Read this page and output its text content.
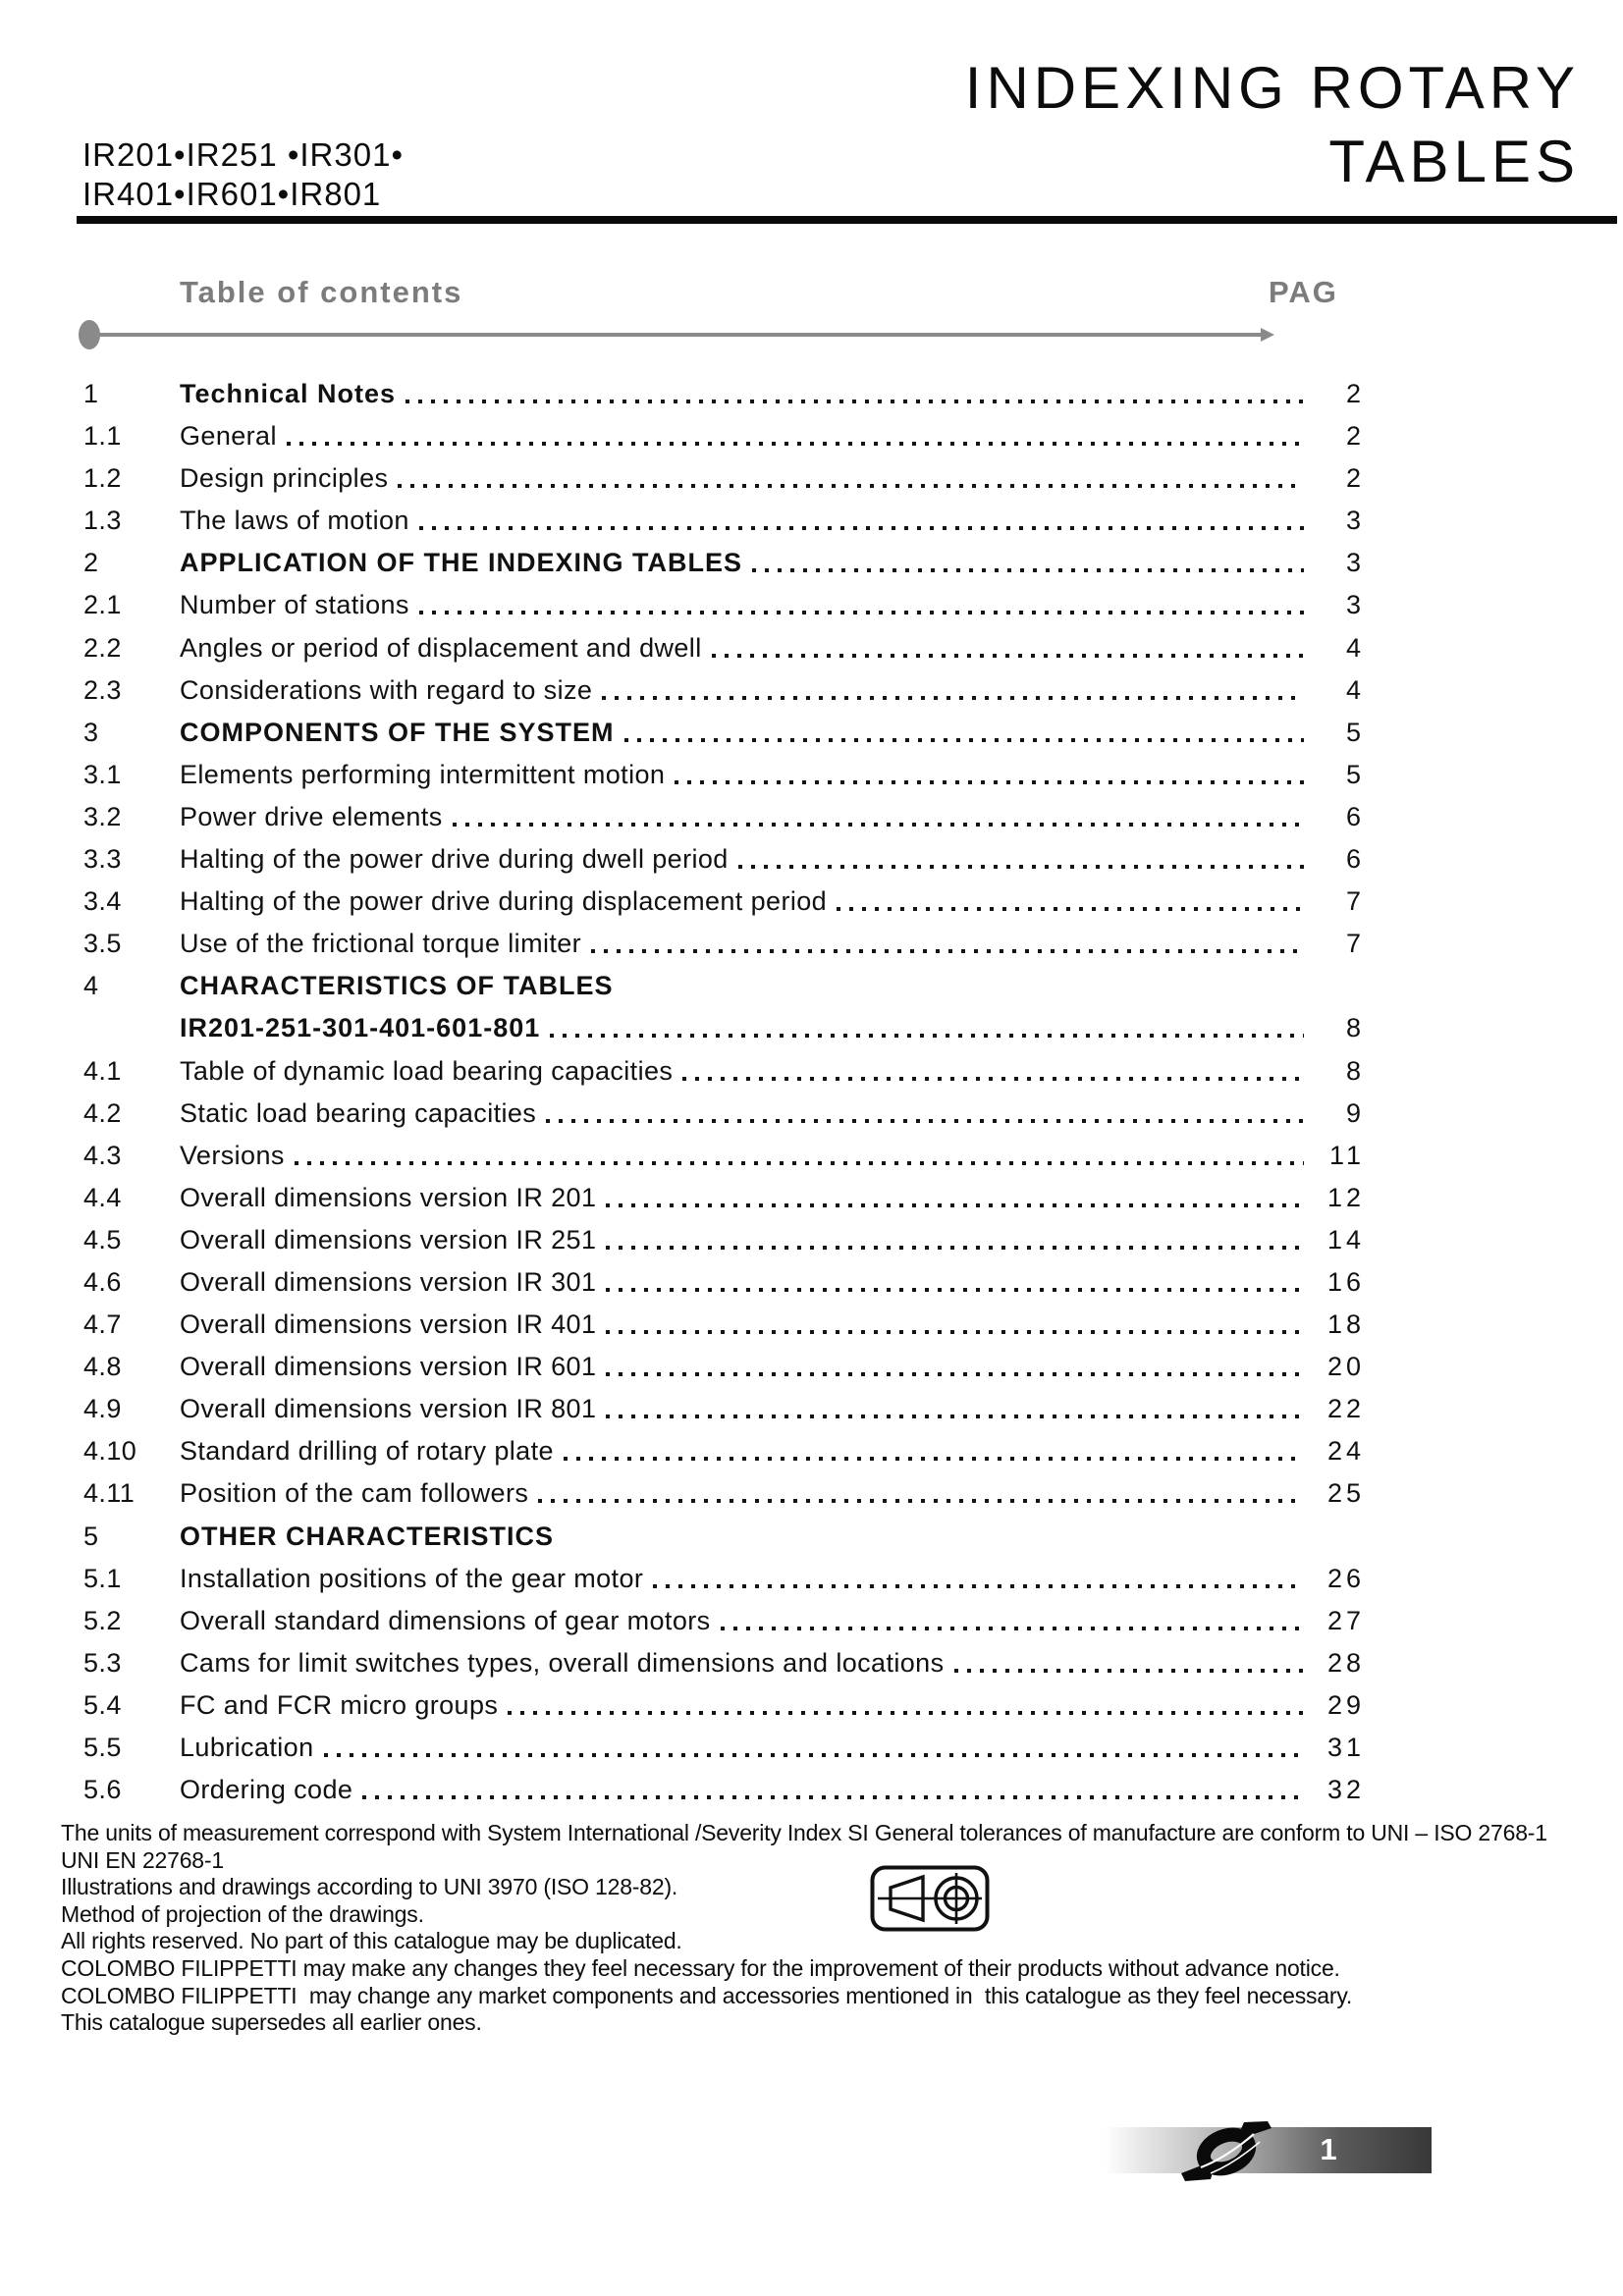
IR201•IR251 •IR301•
IR401•IR601•IR801
INDEXING ROTARY
TABLES
Table of contents	PAG
1	Technical Notes	2
1.1	General	2
1.2	Design principles	2
1.3	The laws of motion	3
2	APPLICATION OF THE INDEXING TABLES	3
2.1	Number of stations	3
2.2	Angles or period of displacement and dwell	4
2.3	Considerations with regard to size	4
3	COMPONENTS OF THE SYSTEM	5
3.1	Elements performing intermittent motion	5
3.2	Power drive elements	6
3.3	Halting of the power drive during dwell period	6
3.4	Halting of the power drive during displacement period	7
3.5	Use of the frictional torque limiter	7
4	CHARACTERISTICS OF TABLES
IR201-251-301-401-601-801	8
4.1	Table of dynamic load bearing capacities	8
4.2	Static load bearing capacities	9
4.3	Versions	11
4.4	Overall dimensions version IR 201	12
4.5	Overall dimensions version IR 251	14
4.6	Overall dimensions version IR 301	16
4.7	Overall dimensions version IR 401	18
4.8	Overall dimensions version IR 601	20
4.9	Overall dimensions version IR 801	22
4.10	Standard drilling of rotary plate	24
4.11	Position of the cam followers	25
5	OTHER CHARACTERISTICS
5.1	Installation positions of the gear motor	26
5.2	Overall standard dimensions of gear motors	27
5.3	Cams for limit switches types, overall dimensions and locations	28
5.4	FC and FCR micro groups	29
5.5	Lubrication	31
5.6	Ordering code	32
The units of measurement correspond with System International /Severity Index SI General tolerances of manufacture are conform to UNI – ISO 2768-1
UNI EN 22768-1
Illustrations and drawings according to UNI 3970 (ISO 128-82).
Method of projection of the drawings.
All rights reserved. No part of this catalogue may be duplicated.
COLOMBO FILIPPETTI may make any changes they feel necessary for the improvement of their products without advance notice.
COLOMBO FILIPPETTI  may change any market components and accessories mentioned in  this catalogue as they feel necessary.
This catalogue supersedes all earlier ones.
1
